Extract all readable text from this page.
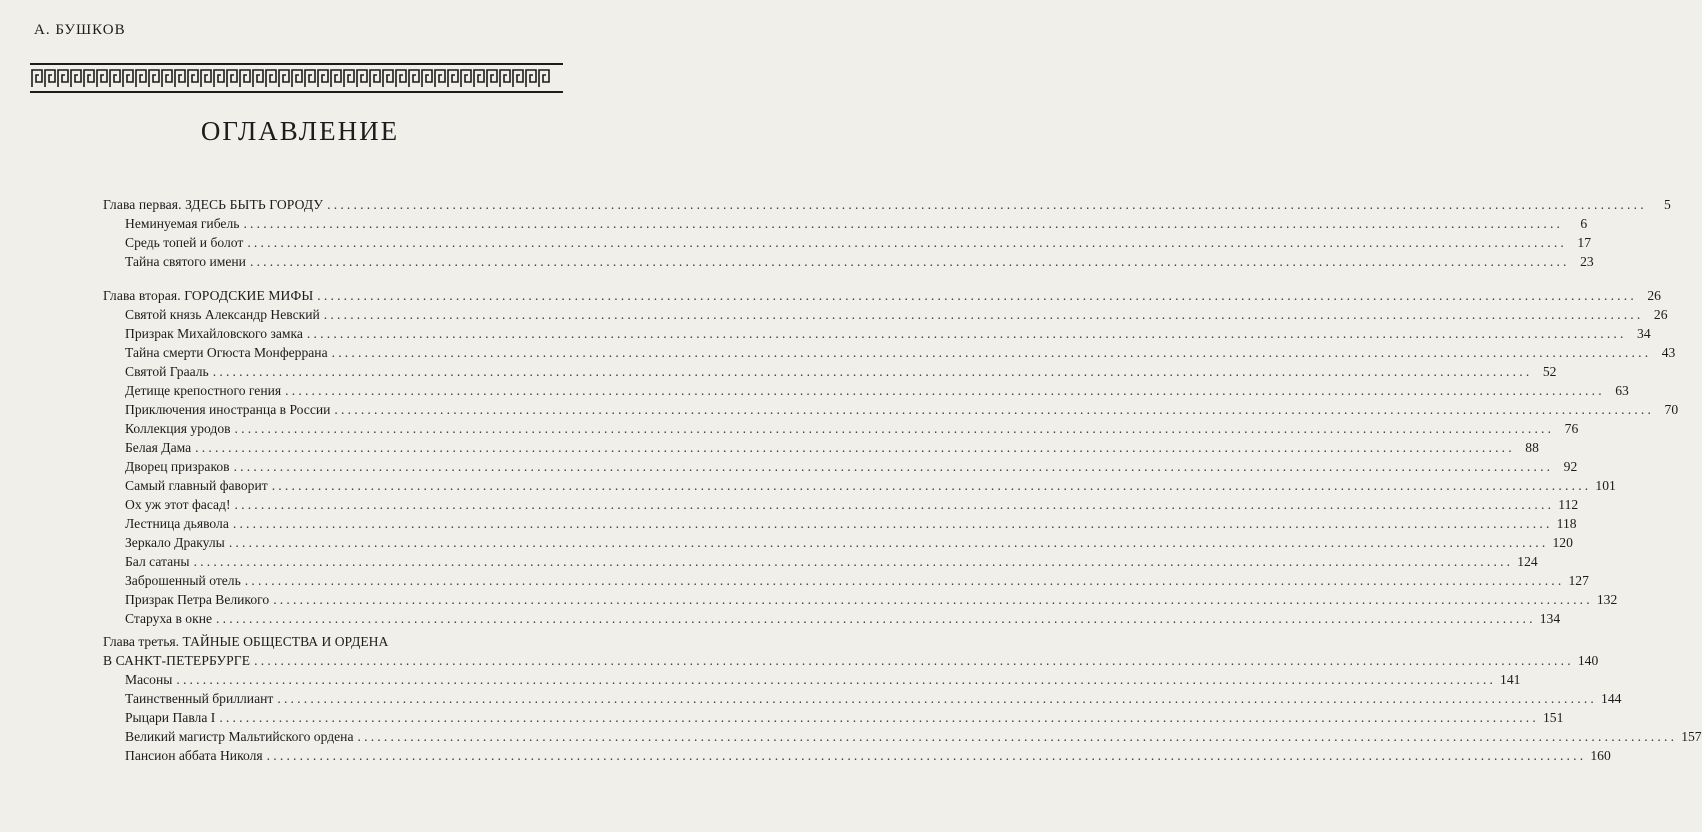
А. БУШКОВ
ОГЛАВЛЕНИЕ
Глава первая. ЗДЕСЬ БЫТЬ ГОРОДУ ........................................................................................................................................................................................................	5
Неминуемая гибель ........................................................................................................................................................................................................	6
Средь топей и болот ........................................................................................................................................................................................................ 17
Тайна святого имени ........................................................................................................................................................................................................ 23
Глава вторая. ГОРОДСКИЕ МИФЫ ........................................................................................................................................................................................................ 26
Святой князь Александр Невский ........................................................................................................................................................................................................ 26
Призрак Михайловского замка ........................................................................................................................................................................................................ 34
Тайна смерти Огюста Монферрана ........................................................................................................................................................................................................ 43
Святой Грааль ........................................................................................................................................................................................................ 52
Детище крепостного гения ........................................................................................................................................................................................................ 63
Приключения иностранца в России ........................................................................................................................................................................................................ 70
Коллекция уродов ........................................................................................................................................................................................................ 76
Белая Дама ........................................................................................................................................................................................................ 88
Дворец призраков ........................................................................................................................................................................................................ 92
Самый главный фаворит ........................................................................................................................................................................................................ 101
Ох уж этот фасад! ........................................................................................................................................................................................................ 112
Лестница дьявола ........................................................................................................................................................................................................ 118
Зеркало Дракулы ........................................................................................................................................................................................................ 120
Бал сатаны ........................................................................................................................................................................................................ 124
Заброшенный отель ........................................................................................................................................................................................................ 127
Призрак Петра Великого ........................................................................................................................................................................................................ 132
Старуха в окне ........................................................................................................................................................................................................ 134
Глава третья. ТАЙНЫЕ ОБЩЕСТВА И ОРДЕНА
В САНКТ-ПЕТЕРБУРГЕ ........................................................................................................................................................................................................ 140
Масоны ........................................................................................................................................................................................................ 141
Таинственный бриллиант ........................................................................................................................................................................................................ 144
Рыцари Павла I ........................................................................................................................................................................................................ 151
Великий магистр Мальтийского ордена ........................................................................................................................................................................................................ 157
Пансион аббата Николя ........................................................................................................................................................................................................ 160
